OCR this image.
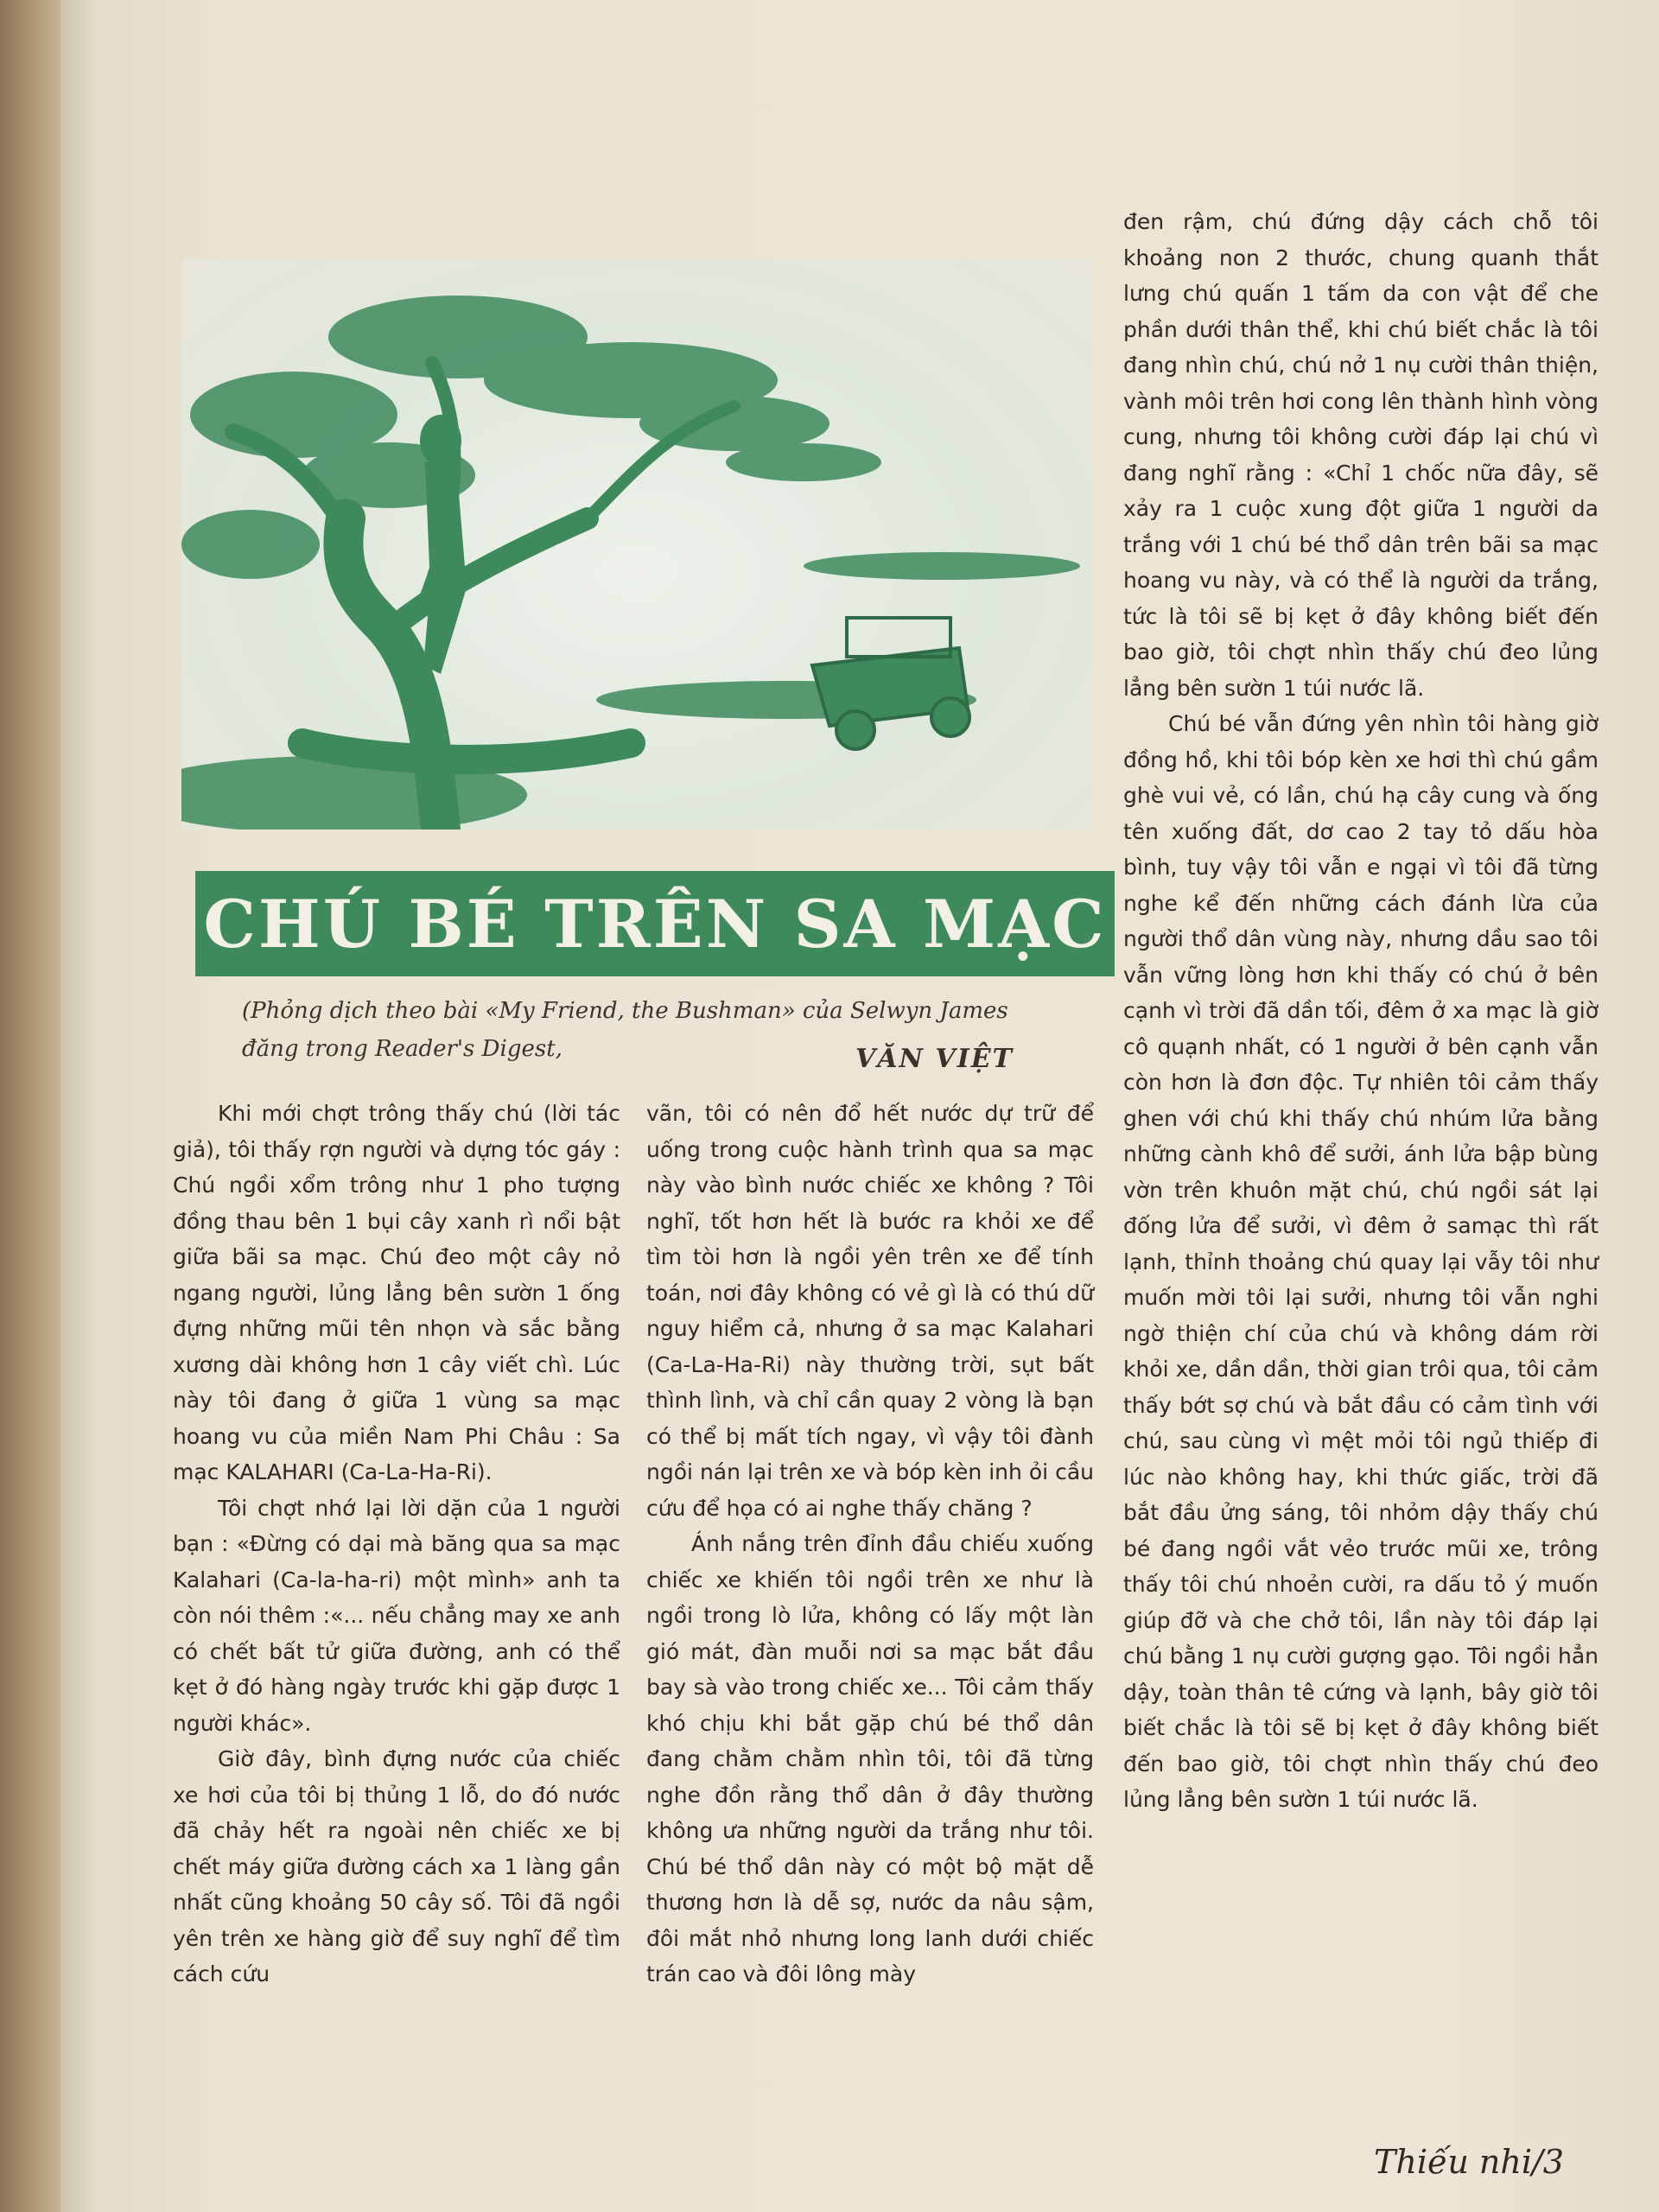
CHÚ BÉ TRÊN SA MẠC
(Phỏng dịch theo bài «My Friend, the Bushman» của Selwyn James
đăng trong Reader's Digest,	VĂN VIỆT

Khi mới chợt trông thấy chú (lời tác giả), tôi thấy rợn người và dựng tóc gáy : Chú ngồi xổm trông như 1 pho tượng đồng thau bên 1 bụi cây xanh rì nổi bật giữa bãi sa mạc. Chú đeo một cây nỏ ngang người, lủng lẳng bên sườn 1 ống đựng những mũi tên nhọn và sắc bằng xương dài không hơn 1 cây viết chì. Lúc này tôi đang ở giữa 1 vùng sa mạc hoang vu của miền Nam Phi Châu : Sa mạc KALAHARI (Ca-La-Ha-Ri).

Tôi chợt nhớ lại lời dặn của 1 người bạn : «Đừng có dại mà băng qua sa mạc Kalahari (Ca-la-ha-ri) một mình» anh ta còn nói thêm :«... nếu chẳng may xe anh có chết bất tử giữa đường, anh có thể kẹt ở đó hàng ngày trước khi gặp được 1 người khác».

Giờ đây, bình đựng nước của chiếc xe hơi của tôi bị thủng 1 lỗ, do đó nước đã chảy hết ra ngoài nên chiếc xe bị chết máy giữa đường cách xa 1 làng gần nhất cũng khoảng 50 cây số. Tôi đã ngồi yên trên xe hàng giờ để suy nghĩ để tìm cách cứu

vãn, tôi có nên đổ hết nước dự trữ để uống trong cuộc hành trình qua sa mạc này vào bình nước chiếc xe không ? Tôi nghĩ, tốt hơn hết là bước ra khỏi xe để tìm tòi hơn là ngồi yên trên xe để tính toán, nơi đây không có vẻ gì là có thú dữ nguy hiểm cả, nhưng ở sa mạc Kalahari (Ca-La-Ha-Ri) này thường trời, sụt bất thình lình, và chỉ cần quay 2 vòng là bạn có thể bị mất tích ngay, vì vậy tôi đành ngồi nán lại trên xe và bóp kèn inh ỏi cầu cứu để họa có ai nghe thấy chăng ?

Ánh nắng trên đỉnh đầu chiếu xuống chiếc xe khiến tôi ngồi trên xe như là ngồi trong lò lửa, không có lấy một làn gió mát, đàn muỗi nơi sa mạc bắt đầu bay sà vào trong chiếc xe... Tôi cảm thấy khó chịu khi bắt gặp chú bé thổ dân đang chằm chằm nhìn tôi, tôi đã từng nghe đồn rằng thổ dân ở đây thường không ưa những người da trắng như tôi. Chú bé thổ dân này có một bộ mặt dễ thương hơn là dễ sợ, nước da nâu sậm, đôi mắt nhỏ nhưng long lanh dưới chiếc trán cao và đôi lông mày

đen rậm, chú đứng dậy cách chỗ tôi khoảng non 2 thước, chung quanh thắt lưng chú quấn 1 tấm da con vật để che phần dưới thân thể, khi chú biết chắc là tôi đang nhìn chú, chú nở 1 nụ cười thân thiện, vành môi trên hơi cong lên thành hình vòng cung, nhưng tôi không cười đáp lại chú vì đang nghĩ rằng : «Chỉ 1 chốc nữa đây, sẽ xảy ra 1 cuộc xung đột giữa 1 người da trắng với 1 chú bé thổ dân trên bãi sa mạc hoang vu này, và có thể là người da trắng, tức là tôi sẽ bị kẹt ở đây không biết đến bao giờ, tôi chợt nhìn thấy chú đeo lủng lẳng bên sườn 1 túi nước lã.

Chú bé vẫn đứng yên nhìn tôi hàng giờ đồng hồ, khi tôi bóp kèn xe hơi thì chú gầm ghè vui vẻ, có lần, chú hạ cây cung và ống tên xuống đất, dơ cao 2 tay tỏ dấu hòa bình, tuy vậy tôi vẫn e ngại vì tôi đã từng nghe kể đến những cách đánh lừa của người thổ dân vùng này, nhưng dầu sao tôi vẫn vững lòng hơn khi thấy có chú ở bên cạnh vì trời đã dần tối, đêm ở xa mạc là giờ cô quạnh nhất, có 1 người ở bên cạnh vẫn còn hơn là đơn độc. Tự nhiên tôi cảm thấy ghen với chú khi thấy chú nhúm lửa bằng những cành khô để sưởi, ánh lửa bập bùng vờn trên khuôn mặt chú, chú ngồi sát lại đống lửa để sưởi, vì đêm ở samạc thì rất lạnh, thỉnh thoảng chú quay lại vẫy tôi như muốn mời tôi lại sưởi, nhưng tôi vẫn nghi ngờ thiện chí của chú và không dám rời khỏi xe, dần dần, thời gian trôi qua, tôi cảm thấy bớt sợ chú và bắt đầu có cảm tình với chú, sau cùng vì mệt mỏi tôi ngủ thiếp đi lúc nào không hay, khi thức giấc, trời đã bắt đầu ửng sáng, tôi nhỏm dậy thấy chú bé đang ngồi vắt vẻo trước mũi xe, trông thấy tôi chú nhoẻn cười, ra dấu tỏ ý muốn giúp đỡ và che chở tôi, lần này tôi đáp lại chú bằng 1 nụ cười gượng gạo. Tôi ngồi hẳn dậy, toàn thân tê cứng và lạnh, bây giờ tôi biết chắc là tôi sẽ bị kẹt ở đây không biết đến bao giờ, tôi chợt nhìn thấy chú đeo lủng lẳng bên sườn 1 túi nước lã.

Thiếu nhi/3
